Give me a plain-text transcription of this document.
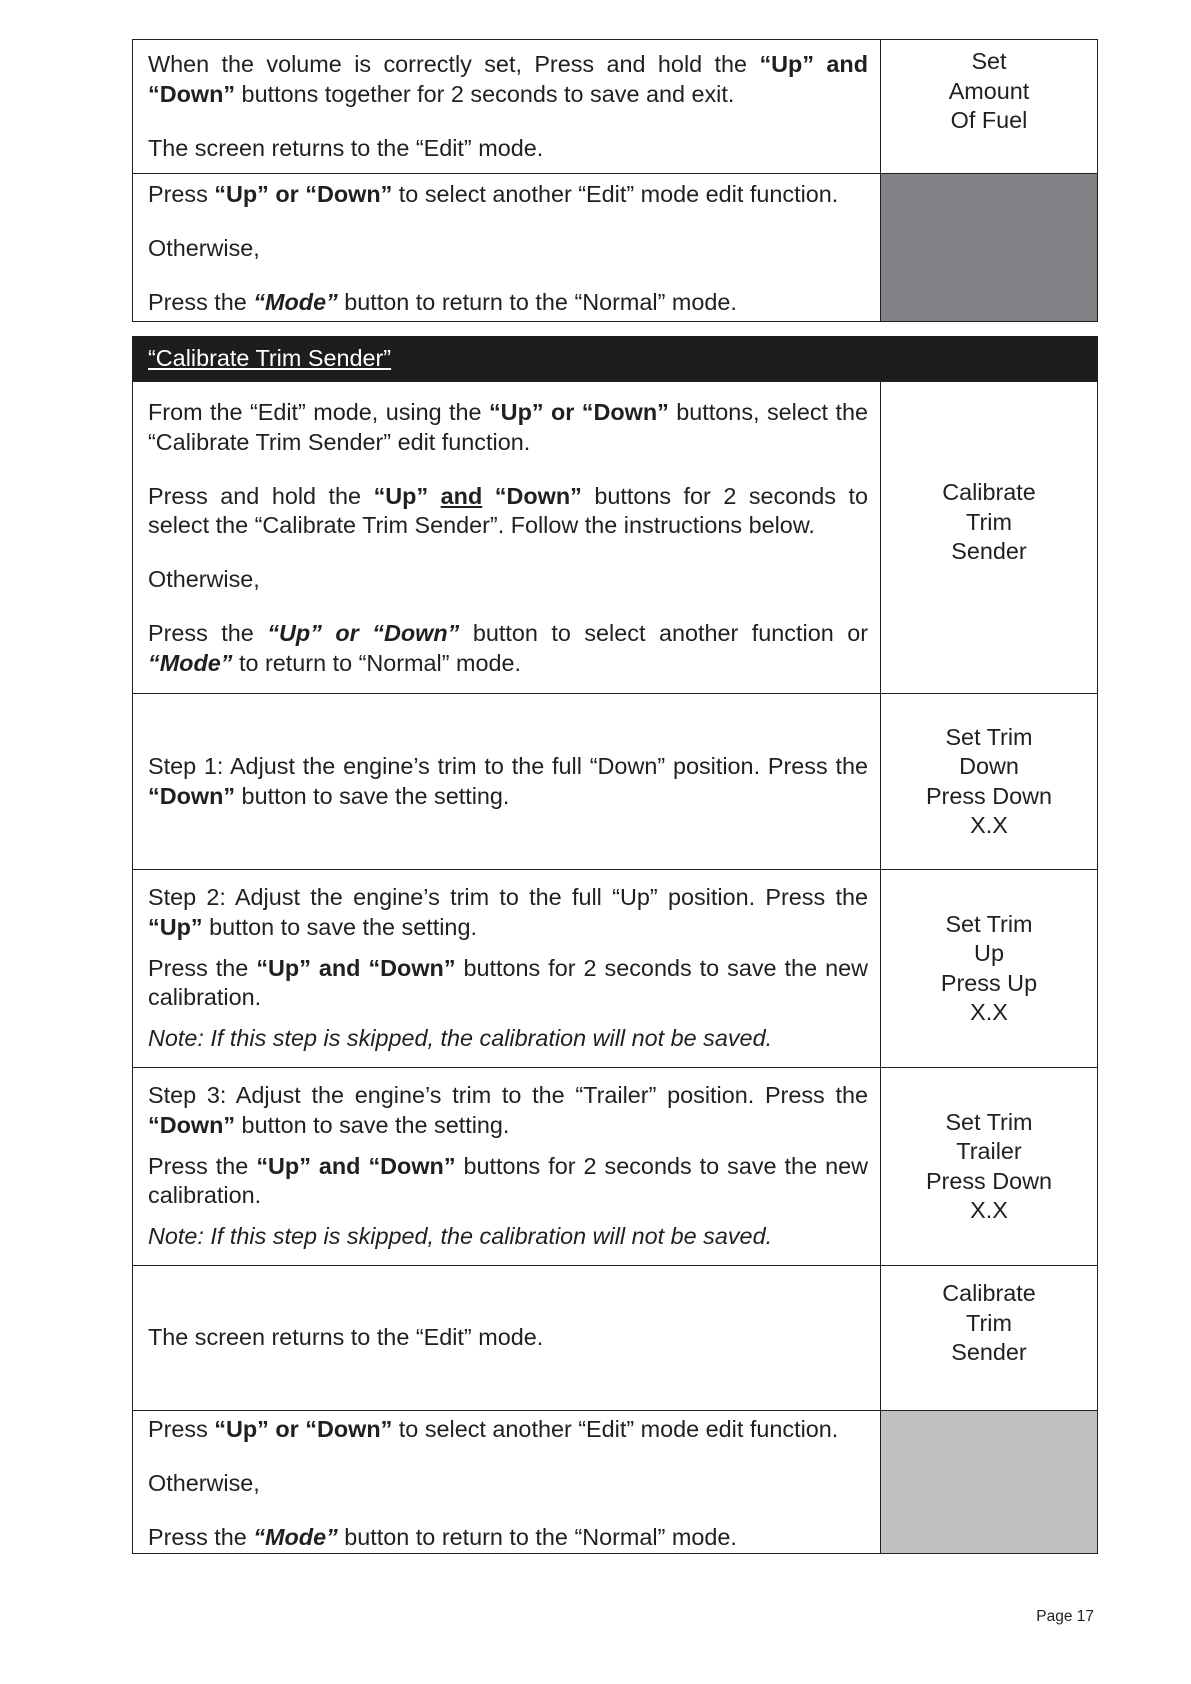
When the volume is correctly set, Press and hold the “Up” and “Down” buttons together for 2 seconds to save and exit.

The screen returns to the “Edit” mode.

Set
Amount
Of Fuel

Press “Up” or “Down” to select another “Edit” mode edit function.

Otherwise,

Press the “Mode” button to return to the “Normal” mode.

“Calibrate Trim Sender”

From the “Edit” mode, using the “Up” or “Down” buttons, select the “Calibrate Trim Sender” edit function.

Press and hold the “Up” and “Down” buttons for 2 seconds to select the “Calibrate Trim Sender”. Follow the instructions below.

Otherwise,

Press the “Up” or “Down” button to select another function or “Mode” to return to “Normal” mode.

Calibrate
Trim
Sender

Step 1: Adjust the engine’s trim to the full “Down” position. Press the “Down” button to save the setting.

Set Trim
Down
Press Down
X.X

Step 2: Adjust the engine’s trim to the full “Up” position. Press the “Up” button to save the setting.

Press the “Up” and “Down” buttons for 2 seconds to save the new calibration.

Note: If this step is skipped, the calibration will not be saved.

Set Trim
Up
Press Up
X.X

Step 3: Adjust the engine’s trim to the “Trailer” position. Press the “Down” button to save the setting.

Press the “Up” and “Down” buttons for 2 seconds to save the new calibration.

Note: If this step is skipped, the calibration will not be saved.

Set Trim
Trailer
Press Down
X.X

The screen returns to the “Edit” mode.

Calibrate
Trim
Sender

Press “Up” or “Down” to select another “Edit” mode edit function.

Otherwise,

Press the “Mode” button to return to the “Normal” mode.

Page 17
